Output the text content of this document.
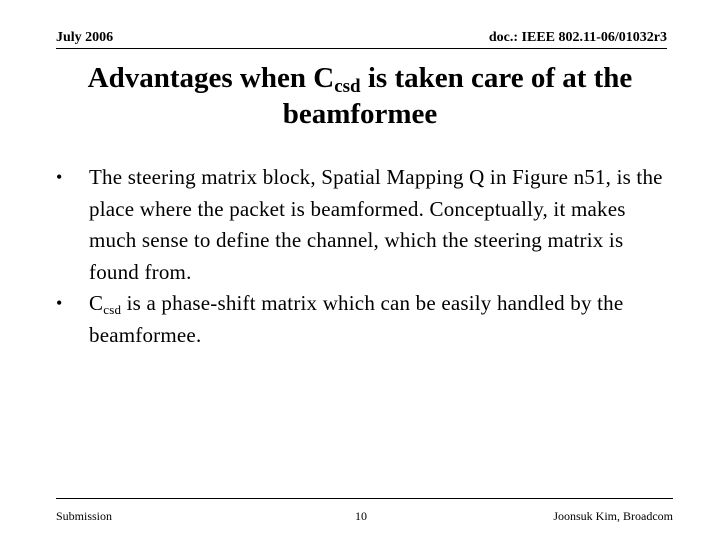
July 2006	doc.: IEEE 802.11-06/01032r3
Advantages when $C_{csd}$ is taken care of at the beamformee
•	The steering matrix block, Spatial Mapping Q in Figure n51, is the place where the packet is beamformed. Conceptually, it makes much sense to define the channel, which the steering matrix is found from.
•	$C_{csd}$ is a phase-shift matrix which can be easily handled by the beamformee.
Submission	10	Joonsuk Kim, Broadcom
